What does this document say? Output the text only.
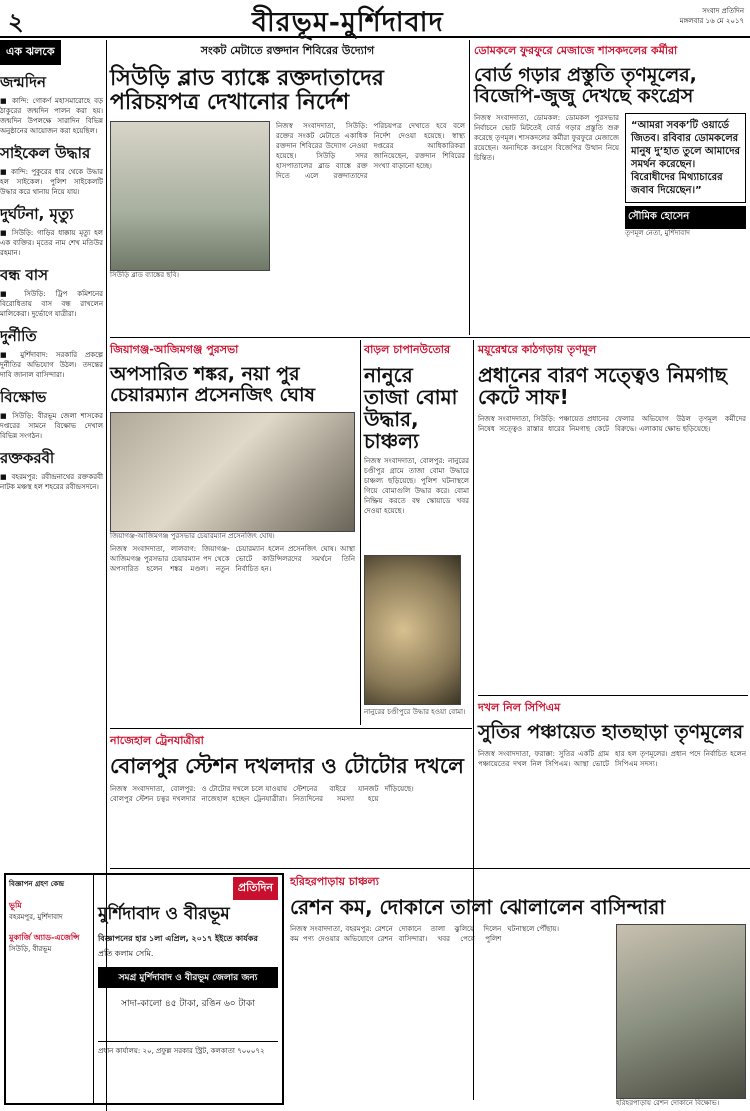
২	বীরভূম-মুর্শিদাবাদ	সংবাদ প্রতিদিন
মঙ্গলবার ১৬ মে ২০১৭
এক ঝলকে
জন্মদিন
■ কান্দি: গোকর্ণ মহাসমারোহে বড় ঠাকুরের জন্মদিন পালন করা হয়। জন্মদিন উপলক্ষে সারাদিন বিভিন্ন অনুষ্ঠানের আয়োজন করা হয়েছিল।
সাইকেল উদ্ধার
■ কান্দি: পুকুরের ধার থেকে উদ্ধার হল সাইকেল। পুলিশ সাইকেলটি উদ্ধার করে থানায় নিয়ে যায়।
দুর্ঘটনা, মৃত্যু
■ সিউড়ি: গাড়ির ধাক্কায় মৃত্যু হল এক ব্যক্তির। মৃতের নাম শেখ মতিউর রহমান।
বন্ধ বাস
■ সিউড়ি: ট্রিপ কমিশনের বিরোধিতায় বাস বন্ধ রাখলেন মালিকেরা। দুর্ভোগে যাত্রীরা।
দুর্নীতি
■ মুর্শিদাবাদ: সরকারি প্রকল্পে দুর্নীতির অভিযোগ উঠল। তদন্তের দাবি জানাল বাসিন্দারা।
বিক্ষোভ
■ সিউড়ি: বীরভূম জেলা শাসকের দপ্তরের সামনে বিক্ষোভ দেখাল বিভিন্ন সংগঠন।
রক্তকরবী
■ বহরমপুর: রবীন্দ্রনাথের রক্তকরবী নাটক মঞ্চস্থ হল শহরের রবীন্দ্রসদনে।
সংকট মেটাতে রক্তদান শিবিরের উদ্যোগ
সিউড়ি ব্লাড ব্যাঙ্কে রক্তদাতাদের পরিচয়পত্র দেখানোর নির্দেশ
সিউড়ি ব্লাড ব্যাঙ্কের ছবি।
নিজস্ব সংবাদদাতা, সিউড়ি: রক্তের সংকট মেটাতে একাধিক রক্তদান শিবিরের উদ্যোগ নেওয়া হয়েছে। সিউড়ি সদর হাসপাতালের ব্লাড ব্যাঙ্কে রক্ত দিতে এলে রক্তদাতাদের পরিচয়পত্র দেখাতে হবে বলে নির্দেশ দেওয়া হয়েছে। স্বাস্থ্য দপ্তরের আধিকারিকরা জানিয়েছেন, রক্তদান শিবিরের সংখ্যা বাড়ানো হচ্ছে।
ডোমকলে ফুরফুরে মেজাজে শাসকদলের কর্মীরা
বোর্ড গড়ার প্রস্তুতি তৃণমূলের, বিজেপি-জুজু দেখছে কংগ্রেস
নিজস্ব সংবাদদাতা, ডোমকল: ডোমকল পুরসভার নির্বাচনে ভোট মিটতেই বোর্ড গড়ার প্রস্তুতি শুরু করেছে তৃণমূল। শাসকদলের কর্মীরা ফুরফুরে মেজাজে রয়েছেন। অন্যদিকে কংগ্রেস বিজেপির উত্থান নিয়ে চিন্তিত।
“আমরা সবক’টি ওয়ার্ডে জিতব। রবিবার ডোমকলের মানুষ দু’হাত তুলে আমাদের সমর্থন করেছেন। বিরোধীদের মিথ্যাচারের জবাব দিয়েছেন।”
সৌমিক হোসেন
তৃণমূল নেতা, মুর্শিদাবাদ
জিয়াগঞ্জ-আজিমগঞ্জ পুরসভা
অপসারিত শঙ্কর, নয়া পুর চেয়ারম্যান প্রসেনজিৎ ঘোষ
জিয়াগঞ্জ-আজিমগঞ্জ পুরসভার চেয়ারম্যান প্রসেনজিৎ ঘোষ।
নিজস্ব সংবাদদাতা, লালবাগ: জিয়াগঞ্জ-আজিমগঞ্জ পুরসভার চেয়ারম্যান পদ থেকে অপসারিত হলেন শঙ্কর মণ্ডল। নতুন চেয়ারম্যান হলেন প্রসেনজিৎ ঘোষ। আস্থা ভোটে কাউন্সিলরদের সমর্থনে তিনি নির্বাচিত হন।
বাড়ল চাপানউতোর
নানুরে তাজা বোমা উদ্ধার, চাঞ্চল্য
নিজস্ব সংবাদদাতা, বোলপুর: নানুরের চণ্ডীপুর গ্রামে তাজা বোমা উদ্ধারে চাঞ্চল্য ছড়িয়েছে। পুলিশ ঘটনাস্থলে গিয়ে বোমাগুলি উদ্ধার করে। বোমা নিষ্ক্রিয় করতে বম্ব স্কোয়াডে খবর দেওয়া হয়েছে।
নানুরের চণ্ডীপুরে উদ্ধার হওয়া বোমা।
ময়ূরেশ্বরে কাঠগড়ায় তৃণমূল
প্রধানের বারণ সত্ত্বেও নিমগাছ কেটে সাফ!
নিজস্ব সংবাদদাতা, সিউড়ি: পঞ্চায়েত প্রধানের নিষেধ সত্ত্বেও রাস্তার ধারের নিমগাছ কেটে ফেলার অভিযোগ উঠল তৃণমূল কর্মীদের বিরুদ্ধে। এলাকায় ক্ষোভ ছড়িয়েছে।
দখল নিল সিপিএম
সুতির পঞ্চায়েত হাতছাড়া তৃণমূলের
নিজস্ব সংবাদদাতা, ফরাক্কা: সুতির একটি গ্রাম পঞ্চায়েতের দখল নিল সিপিএম। আস্থা ভোটে হার হল তৃণমূলের। প্রধান পদে নির্বাচিত হলেন সিপিএম সদস্য।
নাজেহাল ট্রেনযাত্রীরা
বোলপুর স্টেশন দখলদার ও টোটোর দখলে
নিজস্ব সংবাদদাতা, বোলপুর: বোলপুর স্টেশন চত্বর দখলদার ও টোটোর দখলে চলে যাওয়ায় নাজেহাল হচ্ছেন ট্রেনযাত্রীরা। স্টেশনের বাইরে যানজট নিত্যদিনের সমস্যা হয়ে দাঁড়িয়েছে।
বিজ্ঞাপন গ্রহণ কেন্দ্র
ভূমি
বহরমপুর, মুর্শিদাবাদ
মুকার্জি অ্যাড-এজেন্সি
সিউড়ি, বীরভূম
প্রতিদিন
মুর্শিদাবাদ ও বীরভূম
বিজ্ঞাপনের হার ১লা এপ্রিল, ২০১৭ ইইতে কার্যকর
প্রতি কলাম সেমি.
সমগ্র মুর্শিদাবাদ ও বীরভূম জেলার জন্য
সাদা-কালো ৪৫ টাকা, রঙিন ৬০ টাকা
প্রধান কার্যালয়: ২০, প্রফুল্ল সরকার স্ট্রিট, কলকাতা ৭০০০৭২
হরিহরপাড়ায় চাঞ্চল্য
রেশন কম, দোকানে তালা ঝোলালেন বাসিন্দারা
নিজস্ব সংবাদদাতা, বহরমপুর: রেশনে কম পণ্য দেওয়ার অভিযোগে রেশন দোকানে তালা ঝুলিয়ে দিলেন বাসিন্দারা। খবর পেয়ে পুলিশ ঘটনাস্থলে পৌঁছায়।
হরিহরপাড়ায় রেশন দোকানে বিক্ষোভ।
